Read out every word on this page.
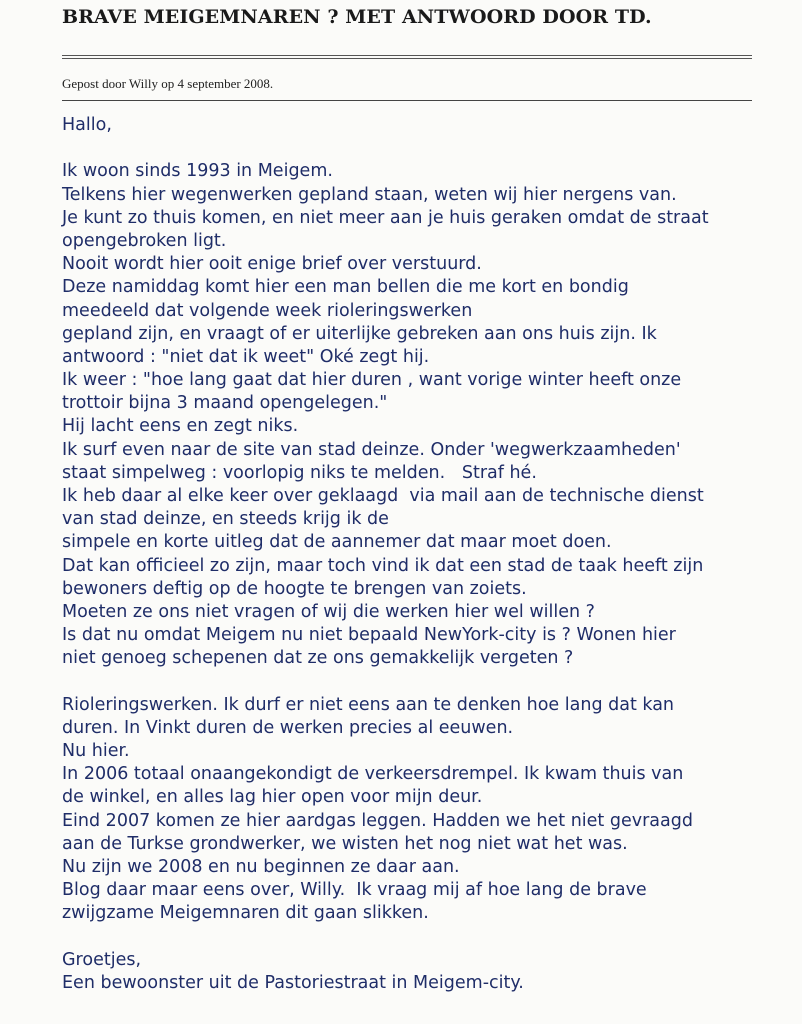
BRAVE MEIGEMNAREN ? MET ANTWOORD DOOR TD.
Gepost door Willy op 4 september 2008.
Hallo,
Ik woon sinds 1993 in Meigem.
Telkens hier wegenwerken gepland staan, weten wij hier nergens van.
Je kunt zo thuis komen, en niet meer aan je huis geraken omdat de straat
opengebroken ligt.
Nooit wordt hier ooit enige brief over verstuurd.
Deze namiddag komt hier een man bellen die me kort en bondig
meedeeld dat volgende week rioleringswerken
gepland zijn, en vraagt of er uiterlijke gebreken aan ons huis zijn. Ik
antwoord : "niet dat ik weet" Oké zegt hij.
Ik weer : "hoe lang gaat dat hier duren , want vorige winter heeft onze
trottoir bijna 3 maand opengelegen."
Hij lacht eens en zegt niks.
Ik surf even naar de site van stad deinze. Onder 'wegwerkzaamheden'
staat simpelweg : voorlopig niks te melden.   Straf hé.
Ik heb daar al elke keer over geklaagd  via mail aan de technische dienst
van stad deinze, en steeds krijg ik de
simpele en korte uitleg dat de aannemer dat maar moet doen.
Dat kan officieel zo zijn, maar toch vind ik dat een stad de taak heeft zijn
bewoners deftig op de hoogte te brengen van zoiets.
Moeten ze ons niet vragen of wij die werken hier wel willen ?
Is dat nu omdat Meigem nu niet bepaald NewYork-city is ? Wonen hier
niet genoeg schepenen dat ze ons gemakkelijk vergeten ?
Rioleringswerken. Ik durf er niet eens aan te denken hoe lang dat kan
duren. In Vinkt duren de werken precies al eeuwen.
Nu hier.
In 2006 totaal onaangekondigt de verkeersdrempel. Ik kwam thuis van
de winkel, en alles lag hier open voor mijn deur.
Eind 2007 komen ze hier aardgas leggen. Hadden we het niet gevraagd
aan de Turkse grondwerker, we wisten het nog niet wat het was.
Nu zijn we 2008 en nu beginnen ze daar aan.
Blog daar maar eens over, Willy.  Ik vraag mij af hoe lang de brave
zwijgzame Meigemnaren dit gaan slikken.
Groetjes,
Een bewoonster uit de Pastoriestraat in Meigem-city.
